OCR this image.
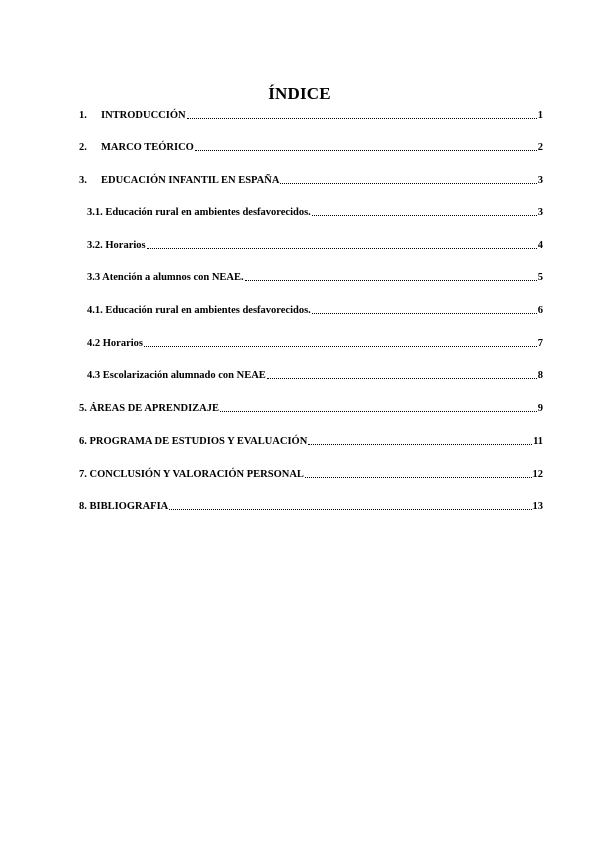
ÍNDICE
1.	INTRODUCCIÓN	1
2.	MARCO TEÓRICO	2
3.	EDUCACIÓN INFANTIL EN ESPAÑA	3
3.1. Educación rural en ambientes desfavorecidos.	3
3.2. Horarios	4
3.3 Atención a alumnos con NEAE.	5
4.1. Educación rural en ambientes desfavorecidos.	6
4.2 Horarios	7
4.3 Escolarización alumnado con NEAE	8
5. ÁREAS DE APRENDIZAJE	9
6. PROGRAMA DE ESTUDIOS Y EVALUACIÓN	11
7. CONCLUSIÓN Y VALORACIÓN PERSONAL	12
8. BIBLIOGRAFIA	13
